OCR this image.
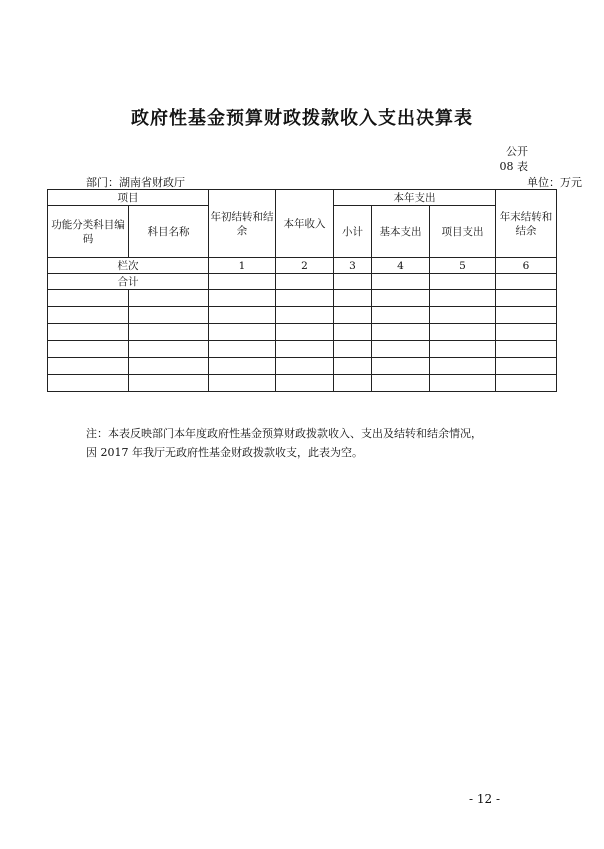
政府性基金预算财政拨款收入支出决算表
公开
08 表
部门：湖南省财政厅	单位：万元
项目		年初结转和结余	本年收入	本年支出			年末结转和结余
功能分类科目编码	科目名称			小计	基本支出	项目支出	
栏次		1	2	3	4	5	6
合计							

注：本表反映部门本年度政府性基金预算财政拨款收入、支出及结转和结余情况，
因 2017 年我厅无政府性基金财政拨款收支，此表为空。
- 12 -
